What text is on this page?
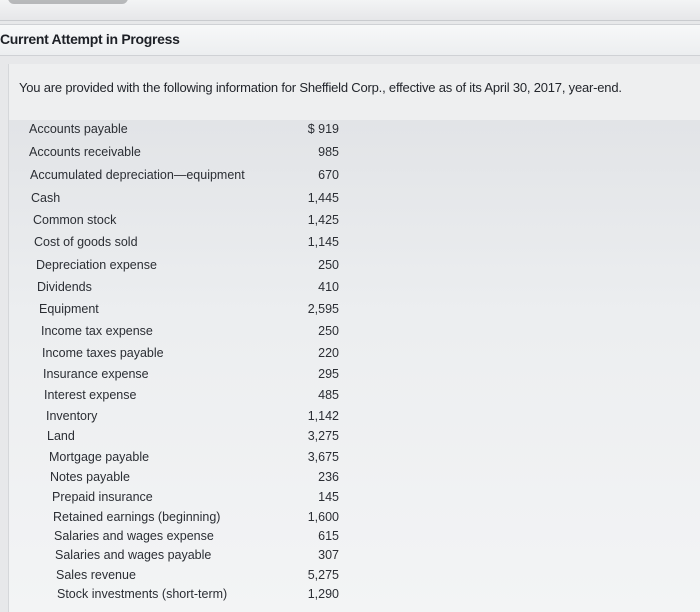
Current Attempt in Progress
You are provided with the following information for Sheffield Corp., effective as of its April 30, 2017, year-end.
Accounts payable	$ 919
Accounts receivable	985
Accumulated depreciation—equipment	670
Cash	1,445
Common stock	1,425
Cost of goods sold	1,145
Depreciation expense	250
Dividends	410
Equipment	2,595
Income tax expense	250
Income taxes payable	220
Insurance expense	295
Interest expense	485
Inventory	1,142
Land	3,275
Mortgage payable	3,675
Notes payable	236
Prepaid insurance	145
Retained earnings (beginning)	1,600
Salaries and wages expense	615
Salaries and wages payable	307
Sales revenue	5,275
Stock investments (short-term)	1,290
